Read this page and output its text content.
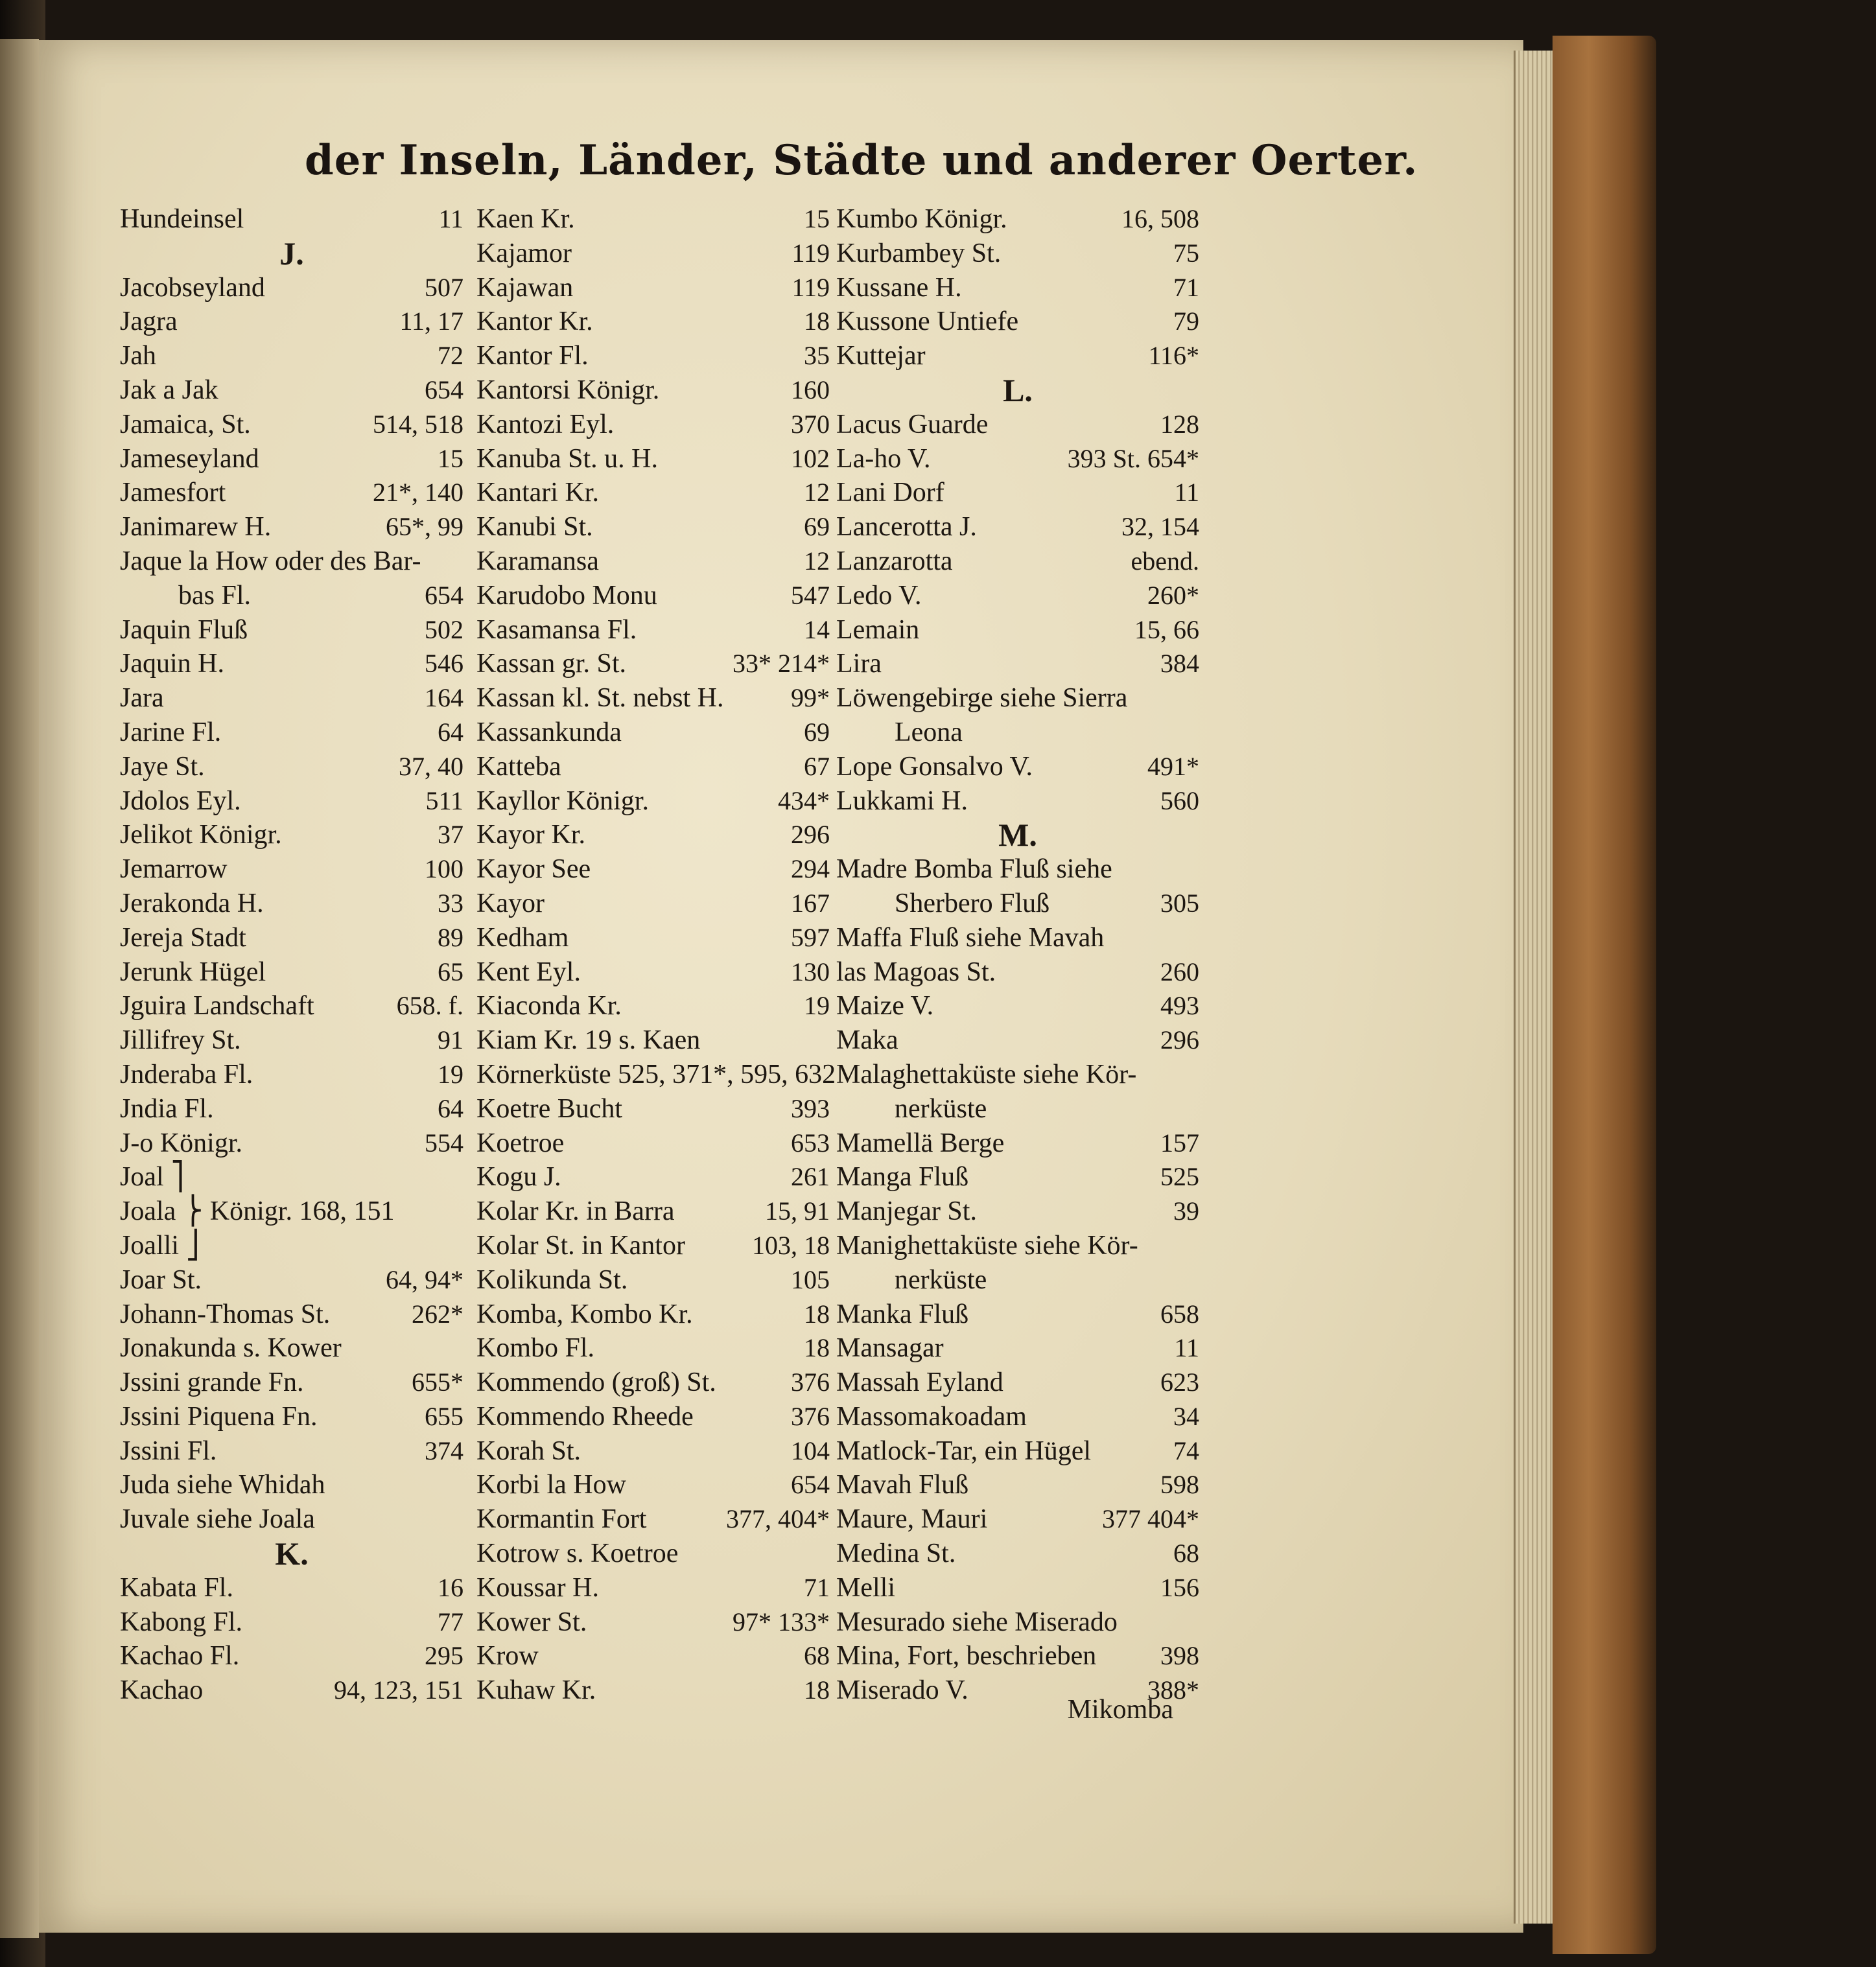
der Inseln, Länder, Städte und anderer Oerter.
Hundeinsel	11
J.
Jacobseyland	507
Jagra	11, 17
Jah	72
Jak a Jak	654
Jamaica, St.	514, 518
Jameseyland	15
Jamesfort	21*, 140
Janimarew H.	65*, 99
Jaque la How oder des Bar-
bas Fl.	654
Jaquin Fluß	502
Jaquin H.	546
Jara	164
Jarine Fl.	64
Jaye St.	37, 40
Jdolos Eyl.	511
Jelikot Königr.	37
Jemarrow	100
Jerakonda H.	33
Jereja Stadt	89
Jerunk Hügel	65
Jguira Landschaft	658. f.
Jillifrey St.	91
Jnderaba Fl.	19
Jndia Fl.	64
J-o Königr.	554
Joal ⎤
Joala ⎬ Königr. 168, 151
Joalli ⎦
Joar St.	64, 94*
Johann-Thomas St.	262*
Jonakunda s. Kower
Jssini grande Fn.	655*
Jssini Piquena Fn.	655
Jssini Fl.	374
Juda siehe Whidah
Juvale siehe Joala
K.
Kabata Fl.	16
Kabong Fl.	77
Kachao Fl.	295
Kachao	94, 123, 151
Kaen Kr.	15
Kajamor	119
Kajawan	119
Kantor Kr.	18
Kantor Fl.	35
Kantorsi Königr.	160
Kantozi Eyl.	370
Kanuba St. u. H.	102
Kantari Kr.	12
Kanubi St.	69
Karamansa	12
Karudobo Monu	547
Kasamansa Fl.	14
Kassan gr. St.	33* 214*
Kassan kl. St. nebst H.	99*
Kassankunda	69
Katteba	67
Kayllor Königr.	434*
Kayor Kr.	296
Kayor See	294
Kayor	167
Kedham	597
Kent Eyl.	130
Kiaconda Kr.	19
Kiam Kr. 19 s. Kaen
Körnerküste 525, 371*, 595, 632
Koetre Bucht	393
Koetroe	653
Kogu J.	261
Kolar Kr. in Barra	15, 91
Kolar St. in Kantor	103, 18
Kolikunda St.	105
Komba, Kombo Kr.	18
Kombo Fl.	18
Kommendo (groß) St.	376
Kommendo Rheede	376
Korah St.	104
Korbi la How	654
Kormantin Fort	377, 404*
Kotrow s. Koetroe
Koussar H.	71
Kower St.	97* 133*
Krow	68
Kuhaw Kr.	18
Kumbo Königr.	16, 508
Kurbambey St.	75
Kussane H.	71
Kussone Untiefe	79
Kuttejar	116*
L.
Lacus Guarde	128
La-ho V.	393 St. 654*
Lani Dorf	11
Lancerotta J.	32, 154
Lanzarotta	ebend.
Ledo V.	260*
Lemain	15, 66
Lira	384
Löwengebirge siehe Sierra
Leona
Lope Gonsalvo V.	491*
Lukkami H.	560
M.
Madre Bomba Fluß siehe
Sherbero Fluß	305
Maffa Fluß siehe Mavah
las Magoas St.	260
Maize V.	493
Maka	296
Malaghettaküste siehe Kör-
nerküste
Mamellä Berge	157
Manga Fluß	525
Manjegar St.	39
Manighettaküste siehe Kör-
nerküste
Manka Fluß	658
Mansagar	11
Massah Eyland	623
Massomakoadam	34
Matlock-Tar, ein Hügel	74
Mavah Fluß	598
Maure, Mauri	377 404*
Medina St.	68
Melli	156
Mesurado siehe Miserado
Mina, Fort, beschrieben 398
Miserado V.	388*
Mikomba
